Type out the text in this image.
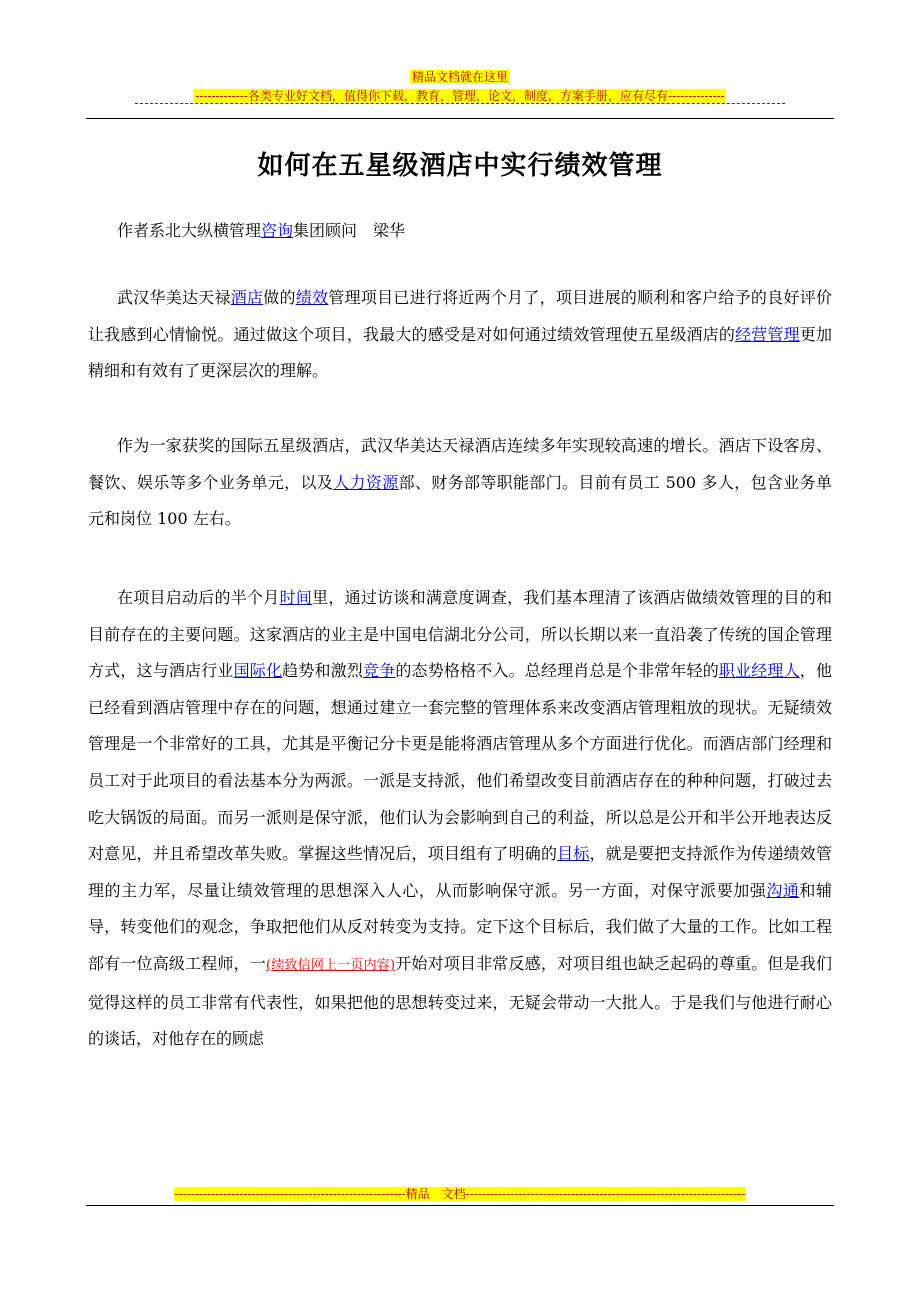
精品文档就在这里
-------------各类专业好文档，值得你下载，教育，管理，论文，制度，方案手册，应有尽有--------------
如何在五星级酒店中实行绩效管理
作者系北大纵横管理咨询集团顾问　梁华
武汉华美达天禄酒店做的绩效管理项目已进行将近两个月了，项目进展的顺利和客户给予的良好评价让我感到心情愉悦。通过做这个项目，我最大的感受是对如何通过绩效管理使五星级酒店的经营管理更加精细和有效有了更深层次的理解。
作为一家获奖的国际五星级酒店，武汉华美达天禄酒店连续多年实现较高速的增长。酒店下设客房、餐饮、娱乐等多个业务单元，以及人力资源部、财务部等职能部门。目前有员工 500 多人，包含业务单元和岗位 100 左右。
在项目启动后的半个月时间里，通过访谈和满意度调查，我们基本理清了该酒店做绩效管理的目的和目前存在的主要问题。这家酒店的业主是中国电信湖北分公司，所以长期以来一直沿袭了传统的国企管理方式，这与酒店行业国际化趋势和激烈竞争的态势格格不入。总经理肖总是个非常年轻的职业经理人，他已经看到酒店管理中存在的问题，想通过建立一套完整的管理体系来改变酒店管理粗放的现状。无疑绩效管理是一个非常好的工具，尤其是平衡记分卡更是能将酒店管理从多个方面进行优化。而酒店部门经理和员工对于此项目的看法基本分为两派。一派是支持派，他们希望改变目前酒店存在的种种问题，打破过去吃大锅饭的局面。而另一派则是保守派，他们认为会影响到自己的利益，所以总是公开和半公开地表达反对意见，并且希望改革失败。掌握这些情况后，项目组有了明确的目标，就是要把支持派作为传递绩效管理的主力军，尽量让绩效管理的思想深入人心，从而影响保守派。另一方面，对保守派要加强沟通和辅导，转变他们的观念，争取把他们从反对转变为支持。定下这个目标后，我们做了大量的工作。比如工程部有一位高级工程师，一(续致信网上一页内容)开始对项目非常反感，对项目组也缺乏起码的尊重。但是我们觉得这样的员工非常有代表性，如果把他的思想转变过来，无疑会带动一大批人。于是我们与他进行耐心的谈话，对他存在的顾虑
---------------------------------------------------------精品　文档---------------------------------------------------------------------
